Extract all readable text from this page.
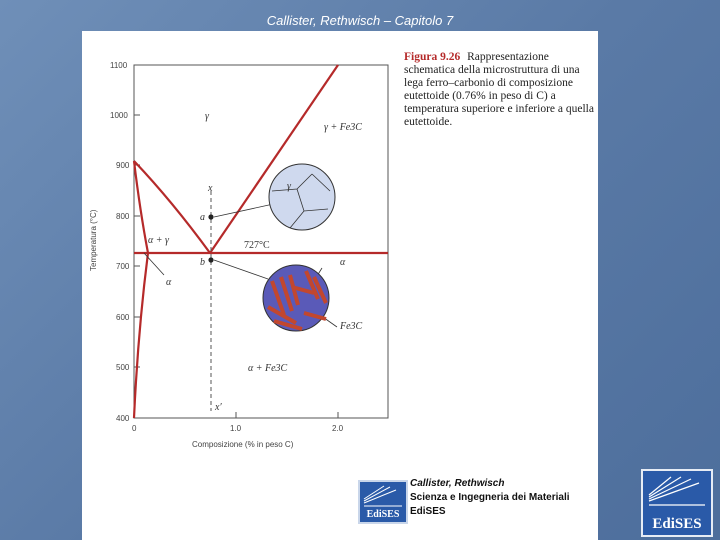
Callister, Rethwisch – Capitolo 7
1100
1000
900
800
700
600
500
400
0	1.0	2.0
Composizione (% in peso C)
Temperatura (°C)
γ
γ + Fe3C
α + γ
α
α + Fe3C
727°C
x
x′
a
b
γ
α
Fe3C
Figura 9.26 Rappresentazione schematica della microstruttura di una lega ferro–carbonio di composizione eutettoide (0.76% in peso di C) a temperatura superiore e inferiore a quella eutettoide.
EdiSES
Callister, Rethwisch
Scienza e Ingegneria dei Materiali
EdiSES
EdiSES
